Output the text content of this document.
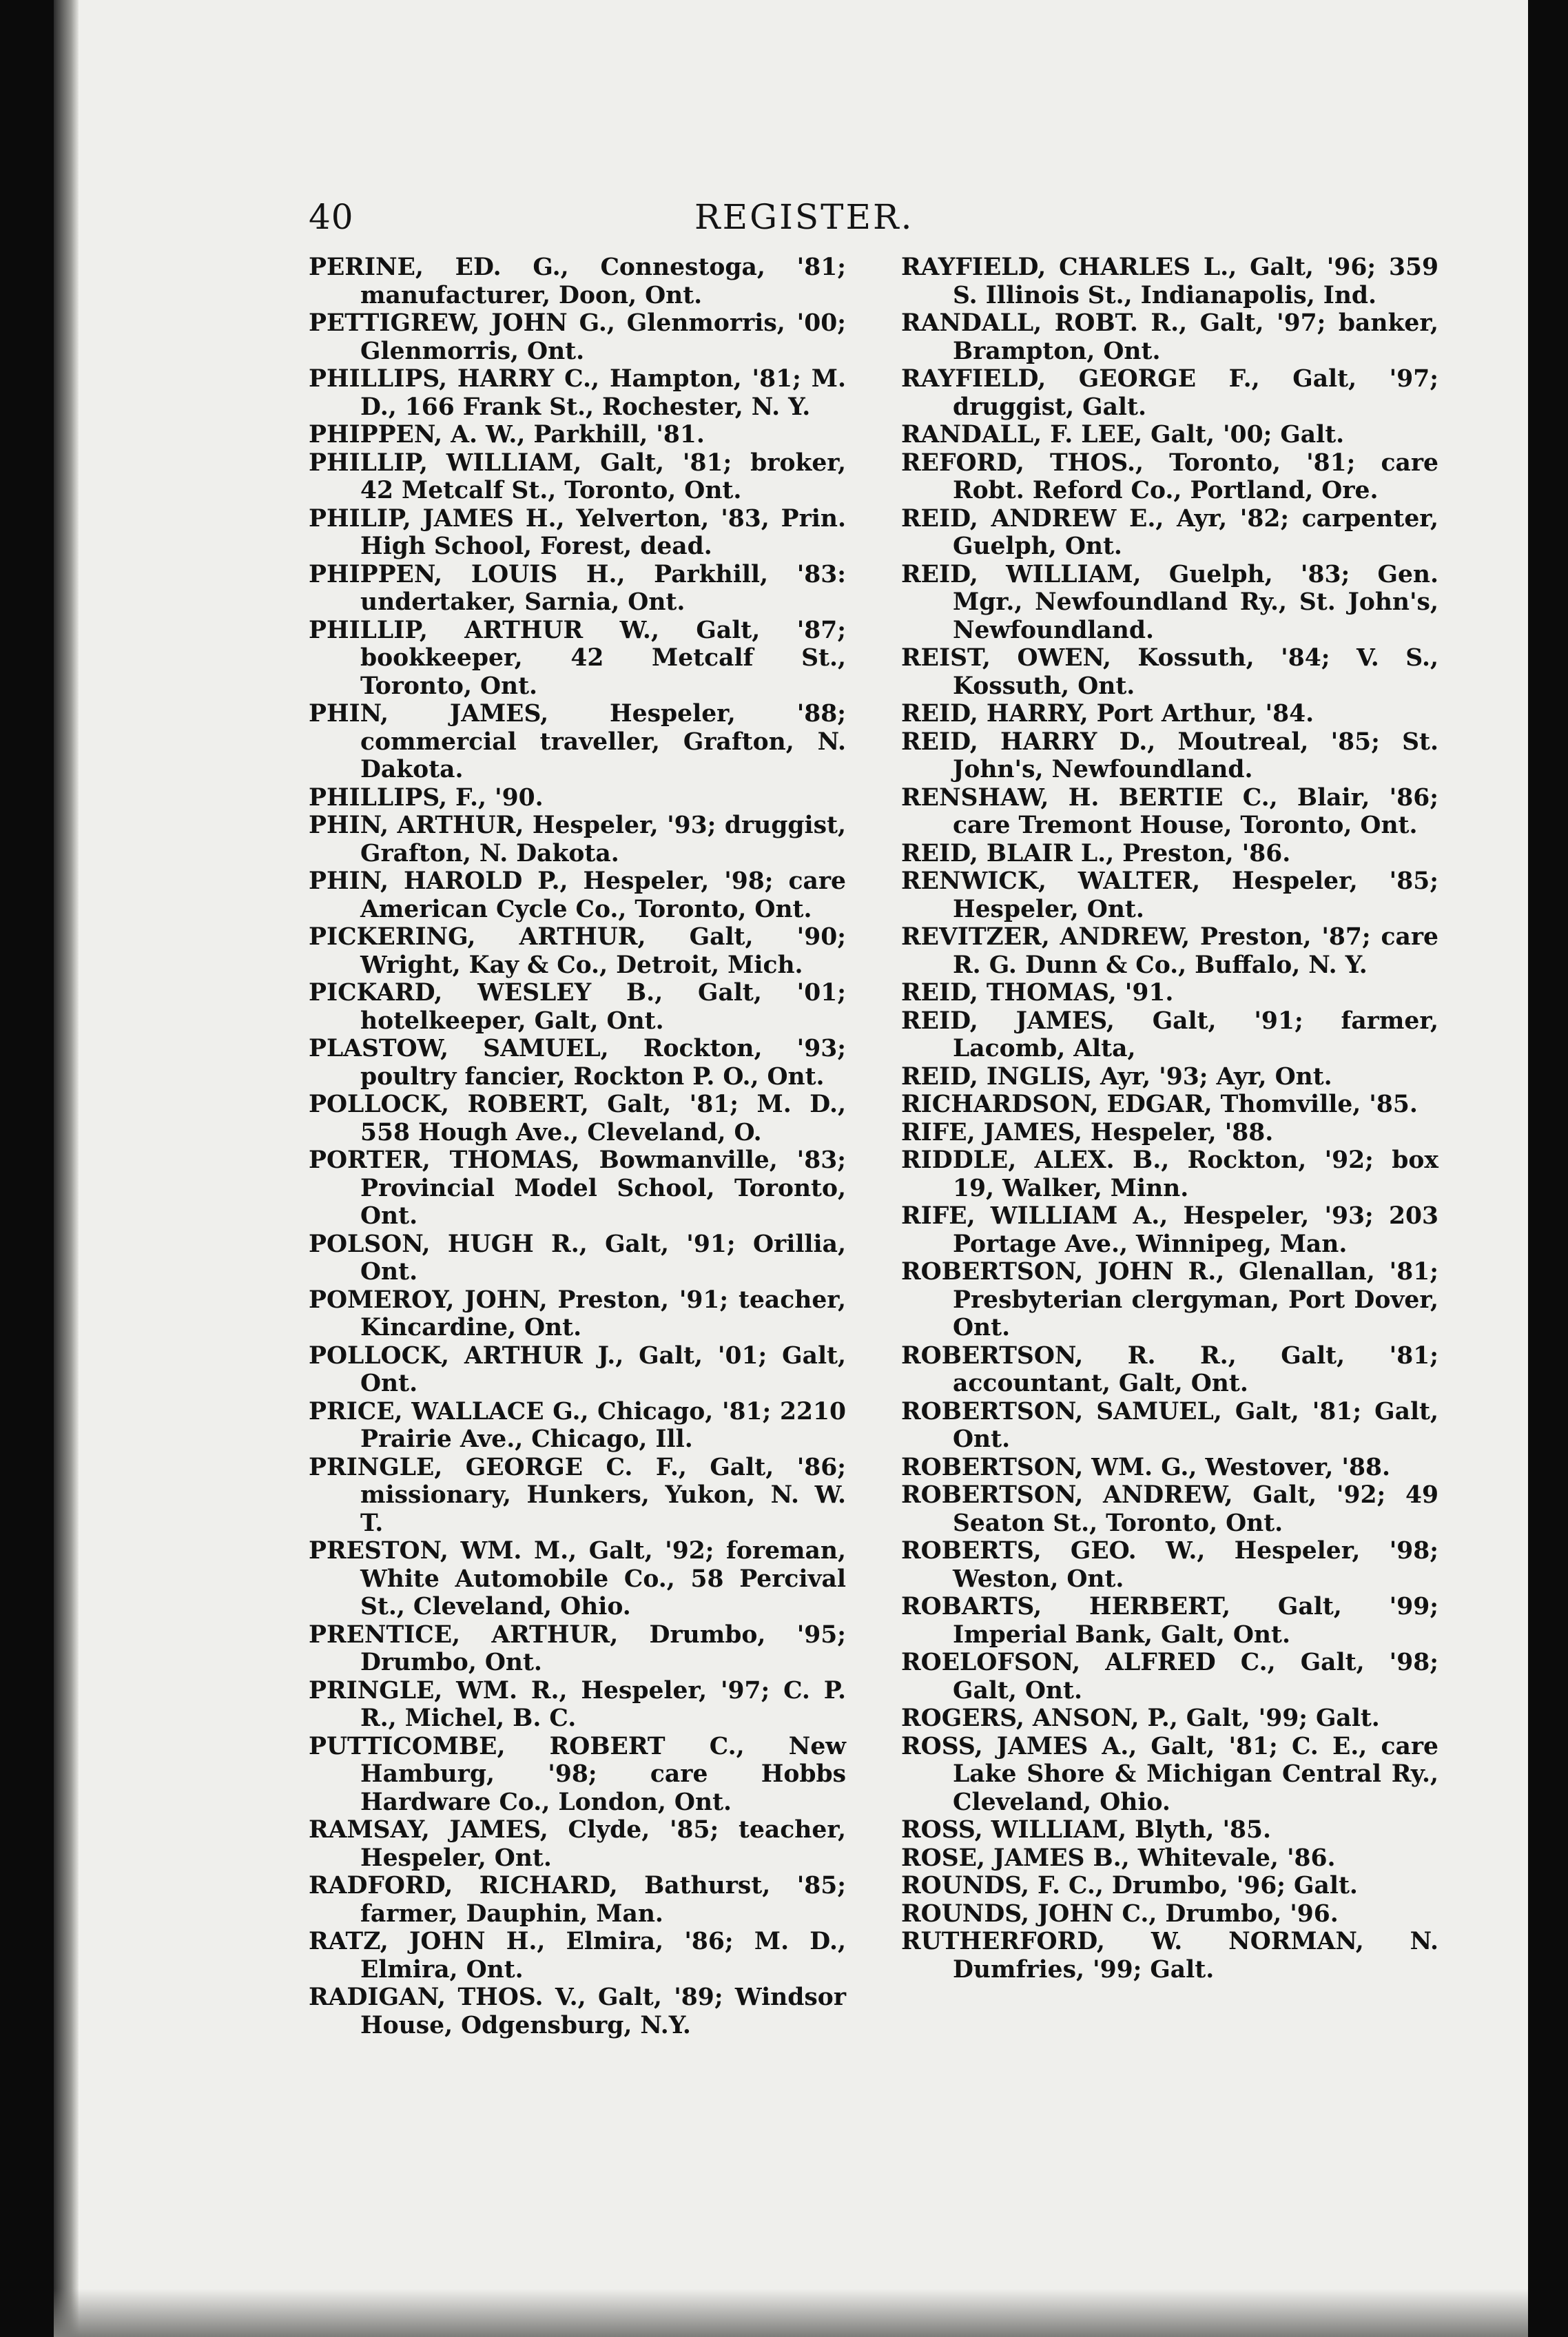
40	REGISTER.

PERINE, ED. G., Connestoga, '81; manufacturer, Doon, Ont.

PETTIGREW, JOHN G., Glenmorris, '00; Glenmorris, Ont.

PHILLIPS, HARRY C., Hampton, '81; M. D., 166 Frank St., Rochester, N. Y.

PHIPPEN, A. W., Parkhill, '81.

PHILLIP, WILLIAM, Galt, '81; broker, 42 Metcalf St., Toronto, Ont.

PHILIP, JAMES H., Yelverton, '83, Prin. High School, Forest, dead.

PHIPPEN, LOUIS H., Parkhill, '83: undertaker, Sarnia, Ont.

PHILLIP, ARTHUR W., Galt, '87; bookkeeper, 42 Metcalf St., Toronto, Ont.

PHIN, JAMES, Hespeler, '88; commercial traveller, Grafton, N. Dakota.

PHILLIPS, F., '90.

PHIN, ARTHUR, Hespeler, '93; druggist, Grafton, N. Dakota.

PHIN, HAROLD P., Hespeler, '98; care American Cycle Co., Toronto, Ont.

PICKERING, ARTHUR, Galt, '90; Wright, Kay & Co., Detroit, Mich.

PICKARD, WESLEY B., Galt, '01; hotelkeeper, Galt, Ont.

PLASTOW, SAMUEL, Rockton, '93; poultry fancier, Rockton P. O., Ont.

POLLOCK, ROBERT, Galt, '81; M. D., 558 Hough Ave., Cleveland, O.

PORTER, THOMAS, Bowmanville, '83; Provincial Model School, Toronto, Ont.

POLSON, HUGH R., Galt, '91; Orillia, Ont.

POMEROY, JOHN, Preston, '91; teacher, Kincardine, Ont.

POLLOCK, ARTHUR J., Galt, '01; Galt, Ont.

PRICE, WALLACE G., Chicago, '81; 2210 Prairie Ave., Chicago, Ill.

PRINGLE, GEORGE C. F., Galt, '86; missionary, Hunkers, Yukon, N. W. T.

PRESTON, WM. M., Galt, '92; foreman, White Automobile Co., 58 Percival St., Cleveland, Ohio.

PRENTICE, ARTHUR, Drumbo, '95; Drumbo, Ont.

PRINGLE, WM. R., Hespeler, '97; C. P. R., Michel, B. C.

PUTTICOMBE, ROBERT C., New Hamburg, '98; care Hobbs Hardware Co., London, Ont.

RAMSAY, JAMES, Clyde, '85; teacher, Hespeler, Ont.

RADFORD, RICHARD, Bathurst, '85; farmer, Dauphin, Man.

RATZ, JOHN H., Elmira, '86; M. D., Elmira, Ont.

RADIGAN, THOS. V., Galt, '89; Windsor House, Odgensburg, N.Y.

RAYFIELD, CHARLES L., Galt, '96; 359 S. Illinois St., Indianapolis, Ind.

RANDALL, ROBT. R., Galt, '97; banker, Brampton, Ont.

RAYFIELD, GEORGE F., Galt, '97; druggist, Galt.

RANDALL, F. LEE, Galt, '00; Galt.

REFORD, THOS., Toronto, '81; care Robt. Reford Co., Portland, Ore.

REID, ANDREW E., Ayr, '82; carpenter, Guelph, Ont.

REID, WILLIAM, Guelph, '83; Gen. Mgr., Newfoundland Ry., St. John's, Newfoundland.

REIST, OWEN, Kossuth, '84; V. S., Kossuth, Ont.

REID, HARRY, Port Arthur, '84.

REID, HARRY D., Moutreal, '85; St. John's, Newfoundland.

RENSHAW, H. BERTIE C., Blair, '86; care Tremont House, Toronto, Ont.

REID, BLAIR L., Preston, '86.

RENWICK, WALTER, Hespeler, '85; Hespeler, Ont.

REVITZER, ANDREW, Preston, '87; care R. G. Dunn & Co., Buffalo, N. Y.

REID, THOMAS, '91.

REID, JAMES, Galt, '91; farmer, Lacomb, Alta,

REID, INGLIS, Ayr, '93; Ayr, Ont.

RICHARDSON, EDGAR, Thomville, '85.

RIFE, JAMES, Hespeler, '88.

RIDDLE, ALEX. B., Rockton, '92; box 19, Walker, Minn.

RIFE, WILLIAM A., Hespeler, '93; 203 Portage Ave., Winnipeg, Man.

ROBERTSON, JOHN R., Glenallan, '81; Presbyterian clergyman, Port Dover, Ont.

ROBERTSON, R. R., Galt, '81; accountant, Galt, Ont.

ROBERTSON, SAMUEL, Galt, '81; Galt, Ont.

ROBERTSON, WM. G., Westover, '88.

ROBERTSON, ANDREW, Galt, '92; 49 Seaton St., Toronto, Ont.

ROBERTS, GEO. W., Hespeler, '98; Weston, Ont.

ROBARTS, HERBERT, Galt, '99; Imperial Bank, Galt, Ont.

ROELOFSON, ALFRED C., Galt, '98; Galt, Ont.

ROGERS, ANSON, P., Galt, '99; Galt.

ROSS, JAMES A., Galt, '81; C. E., care Lake Shore & Michigan Central Ry., Cleveland, Ohio.

ROSS, WILLIAM, Blyth, '85.

ROSE, JAMES B., Whitevale, '86.

ROUNDS, F. C., Drumbo, '96; Galt.

ROUNDS, JOHN C., Drumbo, '96.

RUTHERFORD, W. NORMAN, N. Dumfries, '99; Galt.
